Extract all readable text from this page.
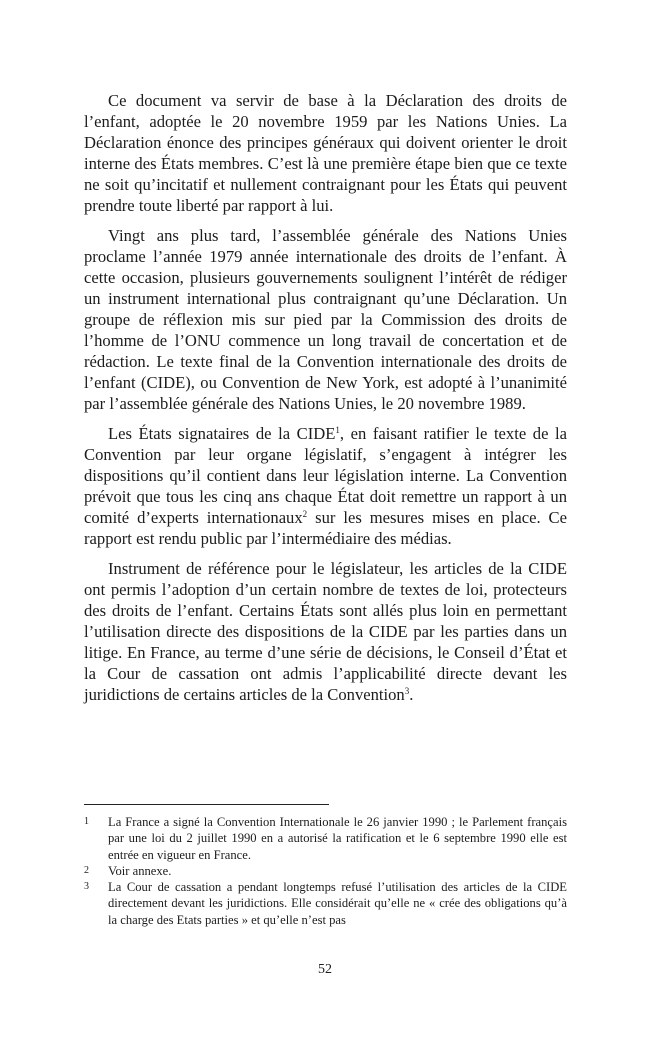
Ce document va servir de base à la Déclaration des droits de l’enfant, adoptée le 20 novembre 1959 par les Nations Unies. La Déclaration énonce des principes généraux qui doivent orienter le droit interne des États membres. C’est là une première étape bien que ce texte ne soit qu’incitatif et nullement contraignant pour les États qui peuvent prendre toute liberté par rapport à lui.

Vingt ans plus tard, l’assemblée générale des Nations Unies proclame l’année 1979 année internationale des droits de l’enfant. À cette occasion, plusieurs gouvernements soulignent l’intérêt de rédiger un instrument international plus contraignant qu’une Déclaration. Un groupe de réflexion mis sur pied par la Commission des droits de l’homme de l’ONU commence un long travail de concertation et de rédaction. Le texte final de la Convention internationale des droits de l’enfant (CIDE), ou Convention de New York, est adopté à l’unanimité par l’assemblée générale des Nations Unies, le 20 novembre 1989.

Les États signataires de la CIDE$^1$, en faisant ratifier le texte de la Convention par leur organe législatif, s’engagent à intégrer les dispositions qu’il contient dans leur législation interne. La Convention prévoit que tous les cinq ans chaque État doit remettre un rapport à un comité d’experts internationaux$^2$ sur les mesures mises en place. Ce rapport est rendu public par l’intermédiaire des médias.

Instrument de référence pour le législateur, les articles de la CIDE ont permis l’adoption d’un certain nombre de textes de loi, protecteurs des droits de l’enfant. Certains États sont allés plus loin en permettant l’utilisation directe des dispositions de la CIDE par les parties dans un litige. En France, au terme d’une série de décisions, le Conseil d’État et la Cour de cassation ont admis l’applicabilité directe devant les juridictions de certains articles de la Convention$^3$.

1	La France a signé la Convention Internationale le 26 janvier 1990 ; le Parlement français par une loi du 2 juillet 1990 en a autorisé la ratification et le 6 septembre 1990 elle est entrée en vigueur en France.
2	Voir annexe.
3	La Cour de cassation a pendant longtemps refusé l’utilisation des articles de la CIDE directement devant les juridictions. Elle considérait qu’elle ne « crée des obligations qu’à la charge des Etats parties » et qu’elle n’est pas
52
